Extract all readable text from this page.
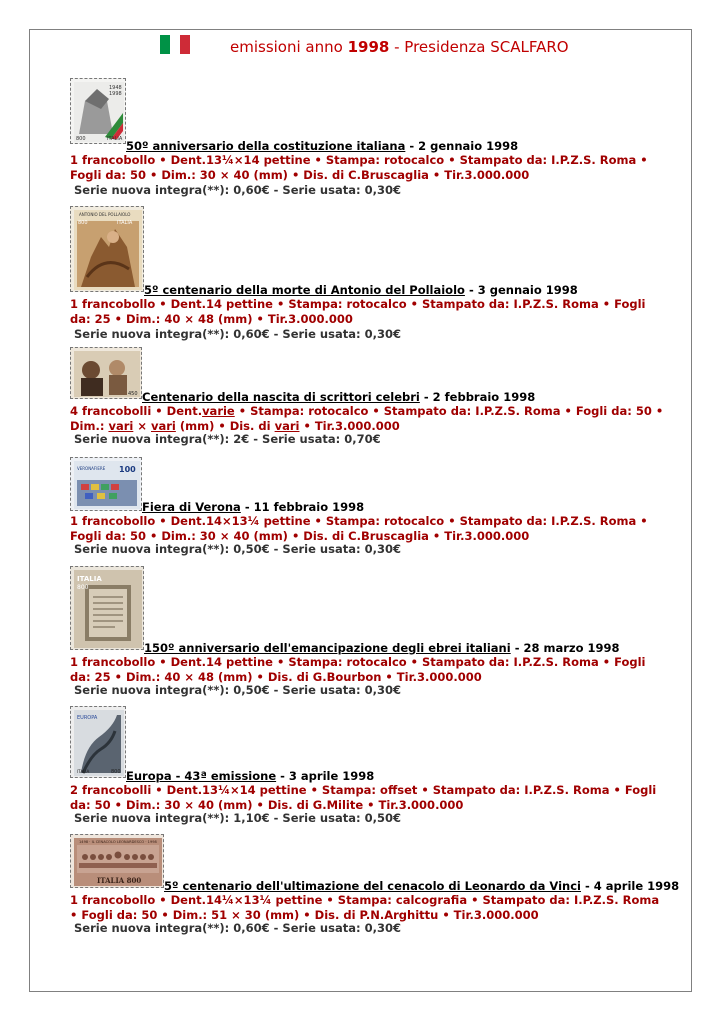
emissioni anno 1998 - Presidenza SCALFARO
1948
1998
800	ITALIA 50º anniversario della costituzione italiana - 2 gennaio 1998
1 francobollo • Dent.13¼×14 pettine • Stampa: rotocalco • Stampato da: I.P.Z.S. Roma • Fogli da: 50 • Dim.: 30 × 40 (mm) • Dis. di C.Bruscaglia • Tir.3.000.000
Serie nuova integra(**): 0,60€ - Serie usata: 0,30€
ANTONIO DEL POLLAIOLO
800	ITALIA
5º centenario della morte di Antonio del Pollaiolo - 3 gennaio 1998
1 francobollo • Dent.14 pettine • Stampa: rotocalco • Stampato da: I.P.Z.S. Roma • Fogli da: 25 • Dim.: 40 × 48 (mm) • Tir.3.000.000
Serie nuova integra(**): 0,60€ - Serie usata: 0,30€
450 Centenario della nascita di scrittori celebri - 2 febbraio 1998
4 francobolli • Dent.varie • Stampa: rotocalco • Stampato da: I.P.Z.S. Roma • Fogli da: 50 • Dim.: vari × vari (mm) • Dis. di vari • Tir.3.000.000
Serie nuova integra(**): 2€ - Serie usata: 0,70€
VERONAFIERE 100
Fiera di Verona - 11 febbraio 1998
1 francobollo • Dent.14×13¼ pettine • Stampa: rotocalco • Stampato da: I.P.Z.S. Roma • Fogli da: 50 • Dim.: 30 × 40 (mm) • Dis. di C.Bruscaglia • Tir.3.000.000
Serie nuova integra(**): 0,50€ - Serie usata: 0,30€
ITALIA
800
150º anniversario dell'emancipazione degli ebrei italiani - 28 marzo 1998
1 francobollo • Dent.14 pettine • Stampa: rotocalco • Stampato da: I.P.Z.S. Roma • Fogli da: 25 • Dim.: 40 × 48 (mm) • Dis. di G.Bourbon • Tir.3.000.000
Serie nuova integra(**): 0,50€ - Serie usata: 0,30€
EUROPA
ITALIA	800 Europa - 43ª emissione - 3 aprile 1998
2 francobolli • Dent.13¼×14 pettine • Stampa: offset • Stampato da: I.P.Z.S. Roma • Fogli da: 50 • Dim.: 30 × 40 (mm) • Dis. di G.Milite • Tir.3.000.000
Serie nuova integra(**): 1,10€ - Serie usata: 0,50€
1498 · IL CENACOLO LEONARDESCO · 1998
ITALIA 800 5º centenario dell'ultimazione del cenacolo di Leonardo da Vinci - 4 aprile 1998
1 francobollo • Dent.14¼×13¼ pettine • Stampa: calcografia • Stampato da: I.P.Z.S. Roma • Fogli da: 50 • Dim.: 51 × 30 (mm) • Dis. di P.N.Arghittu • Tir.3.000.000
Serie nuova integra(**): 0,60€ - Serie usata: 0,30€
